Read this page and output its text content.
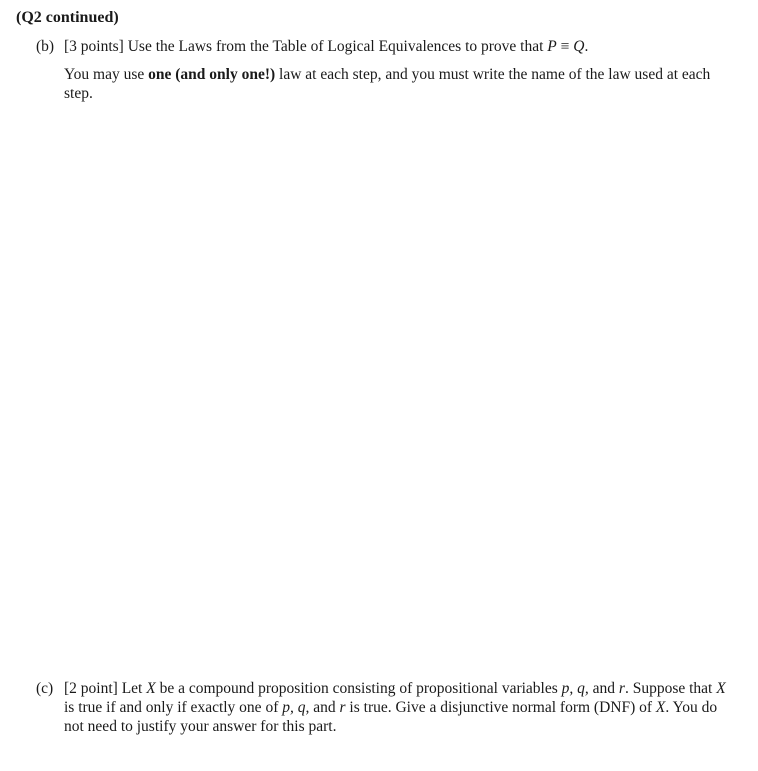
(Q2 continued)
(b) [3 points] Use the Laws from the Table of Logical Equivalences to prove that P ≡ Q.
You may use one (and only one!) law at each step, and you must write the name of the law used at each step.
(c) [2 point] Let X be a compound proposition consisting of propositional variables p, q, and r. Suppose that X is true if and only if exactly one of p, q, and r is true. Give a disjunctive normal form (DNF) of X. You do not need to justify your answer for this part.
